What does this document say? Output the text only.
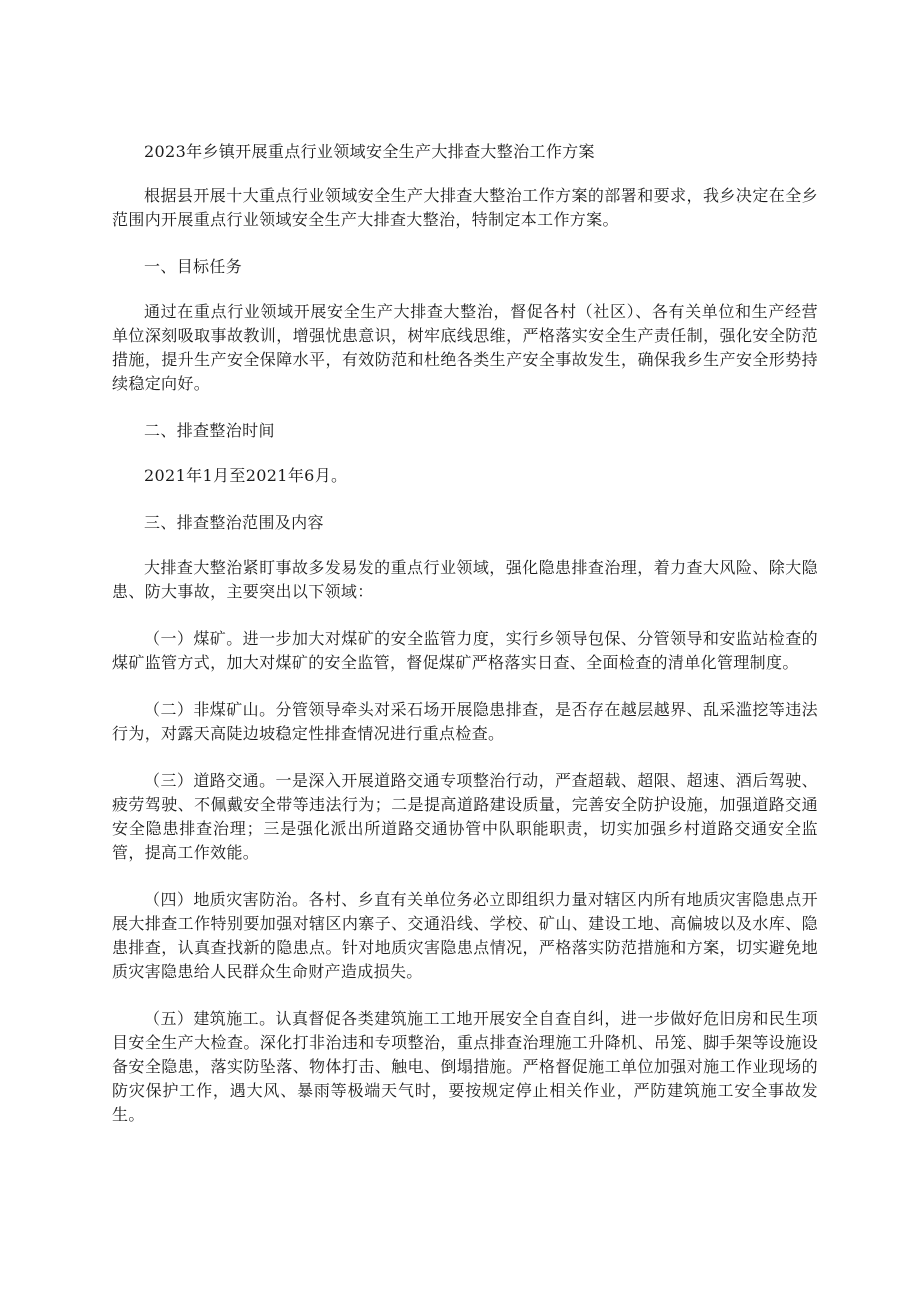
2023年乡镇开展重点行业领域安全生产大排查大整治工作方案

根据县开展十大重点行业领域安全生产大排查大整治工作方案的部署和要求，我乡决定在全乡范围内开展重点行业领域安全生产大排查大整治，特制定本工作方案。

一、目标任务

通过在重点行业领域开展安全生产大排查大整治，督促各村（社区）、各有关单位和生产经营单位深刻吸取事故教训，增强忧患意识，树牢底线思维，严格落实安全生产责任制，强化安全防范措施，提升生产安全保障水平，有效防范和杜绝各类生产安全事故发生，确保我乡生产安全形势持续稳定向好。

二、排查整治时间

2021年1月至2021年6月。

三、排查整治范围及内容

大排查大整治紧盯事故多发易发的重点行业领域，强化隐患排查治理，着力查大风险、除大隐患、防大事故，主要突出以下领域：

（一）煤矿。进一步加大对煤矿的安全监管力度，实行乡领导包保、分管领导和安监站检查的煤矿监管方式，加大对煤矿的安全监管，督促煤矿严格落实日查、全面检查的清单化管理制度。

（二）非煤矿山。分管领导牵头对采石场开展隐患排查，是否存在越层越界、乱采滥挖等违法行为，对露天高陡边坡稳定性排查情况进行重点检查。

（三）道路交通。一是深入开展道路交通专项整治行动，严查超载、超限、超速、酒后驾驶、疲劳驾驶、不佩戴安全带等违法行为；二是提高道路建设质量，完善安全防护设施，加强道路交通安全隐患排查治理；三是强化派出所道路交通协管中队职能职责，切实加强乡村道路交通安全监管，提高工作效能。

（四）地质灾害防治。各村、乡直有关单位务必立即组织力量对辖区内所有地质灾害隐患点开展大排查工作特别要加强对辖区内寨子、交通沿线、学校、矿山、建设工地、高偏坡以及水库、隐患排查，认真查找新的隐患点。针对地质灾害隐患点情况，严格落实防范措施和方案，切实避免地质灾害隐患给人民群众生命财产造成损失。

（五）建筑施工。认真督促各类建筑施工工地开展安全自查自纠，进一步做好危旧房和民生项目安全生产大检查。深化打非治违和专项整治，重点排查治理施工升降机、吊笼、脚手架等设施设备安全隐患，落实防坠落、物体打击、触电、倒塌措施。严格督促施工单位加强对施工作业现场的防灾保护工作，遇大风、暴雨等极端天气时，要按规定停止相关作业，严防建筑施工安全事故发生。
